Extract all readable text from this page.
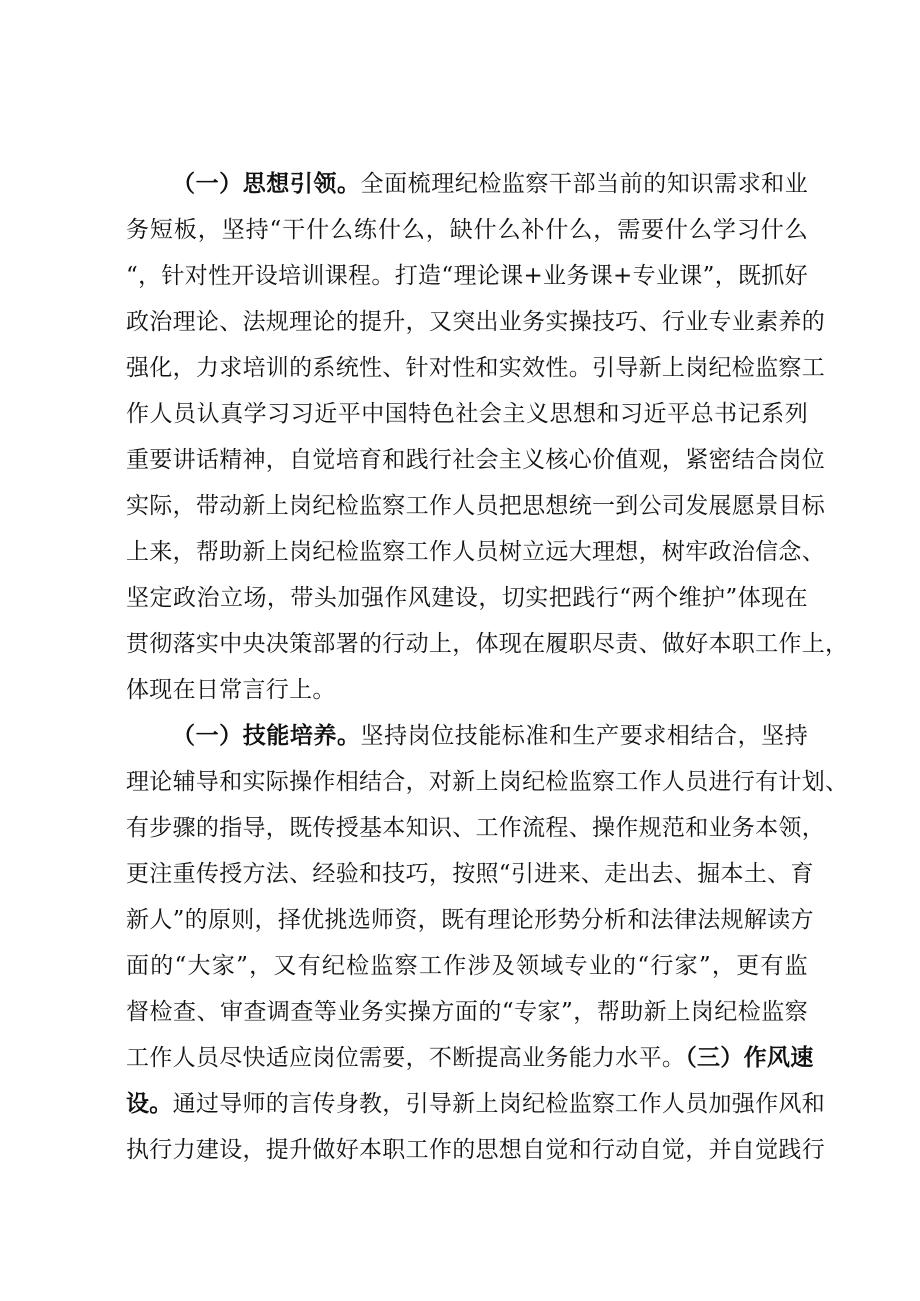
（一）思想引领。全面梳理纪检监察干部当前的知识需求和业
务短板，坚持“干什么练什么，缺什么补什么，需要什么学习什么
“，针对性开设培训课程。打造“理论课+业务课+专业课”，既抓好
政治理论、法规理论的提升，又突出业务实操技巧、行业专业素养的
强化，力求培训的系统性、针对性和实效性。引导新上岗纪检监察工
作人员认真学习习近平中国特色社会主义思想和习近平总书记系列
重要讲话精神，自觉培育和践行社会主义核心价值观，紧密结合岗位
实际，带动新上岗纪检监察工作人员把思想统一到公司发展愿景目标
上来，帮助新上岗纪检监察工作人员树立远大理想，树牢政治信念、
坚定政治立场，带头加强作风建设，切实把践行“两个维护”体现在
贯彻落实中央决策部署的行动上，体现在履职尽责、做好本职工作上，
体现在日常言行上。
（一）技能培养。坚持岗位技能标准和生产要求相结合，坚持
理论辅导和实际操作相结合，对新上岗纪检监察工作人员进行有计划、
有步骤的指导，既传授基本知识、工作流程、操作规范和业务本领，
更注重传授方法、经验和技巧，按照“引进来、走出去、掘本土、育
新人”的原则，择优挑选师资，既有理论形势分析和法律法规解读方
面的“大家”，又有纪检监察工作涉及领域专业的“行家”，更有监
督检查、审查调查等业务实操方面的“专家”，帮助新上岗纪检监察
工作人员尽快适应岗位需要，不断提高业务能力水平。（三）作风速
设。通过导师的言传身教，引导新上岗纪检监察工作人员加强作风和
执行力建设，提升做好本职工作的思想自觉和行动自觉，并自觉践行
